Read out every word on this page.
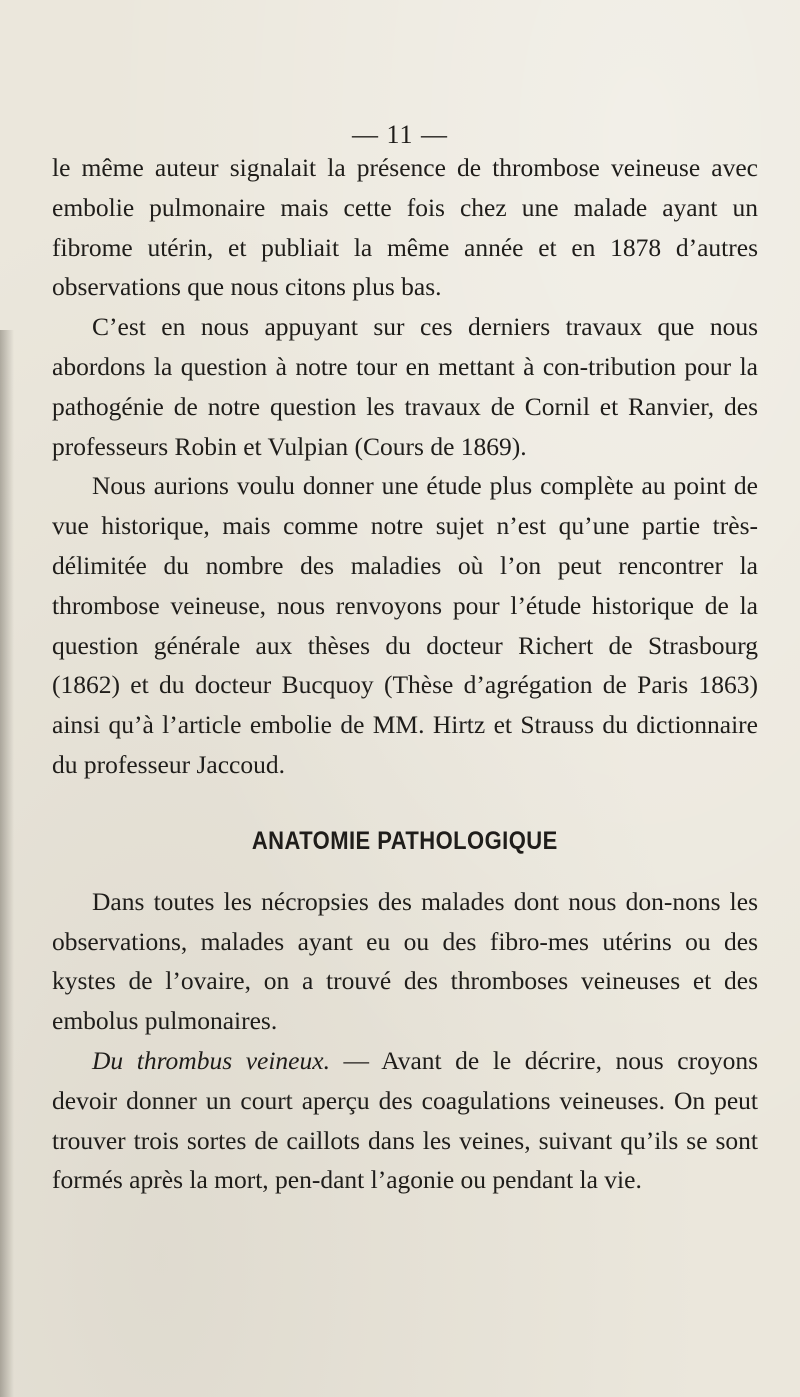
— 11 —

le même auteur signalait la présence de thrombose veineuse avec embolie pulmonaire mais cette fois chez une malade ayant un fibrome utérin, et publiait la même année et en 1878 d’autres observations que nous citons plus bas.

C’est en nous appuyant sur ces derniers travaux que nous abordons la question à notre tour en mettant à con-tribution pour la pathogénie de notre question les travaux de Cornil et Ranvier, des professeurs Robin et Vulpian (Cours de 1869).

Nous aurions voulu donner une étude plus complète au point de vue historique, mais comme notre sujet n’est qu’une partie très-délimitée du nombre des maladies où l’on peut rencontrer la thrombose veineuse, nous renvoyons pour l’étude historique de la question générale aux thèses du docteur Richert de Strasbourg (1862) et du docteur Bucquoy (Thèse d’agrégation de Paris 1863) ainsi qu’à l’article embolie de MM. Hirtz et Strauss du dictionnaire du professeur Jaccoud.

ANATOMIE PATHOLOGIQUE

Dans toutes les nécropsies des malades dont nous don-nons les observations, malades ayant eu ou des fibro-mes utérins ou des kystes de l’ovaire, on a trouvé des thromboses veineuses et des embolus pulmonaires.

Du thrombus veineux. — Avant de le décrire, nous croyons devoir donner un court aperçu des coagulations veineuses. On peut trouver trois sortes de caillots dans les veines, suivant qu’ils se sont formés après la mort, pen-dant l’agonie ou pendant la vie.
